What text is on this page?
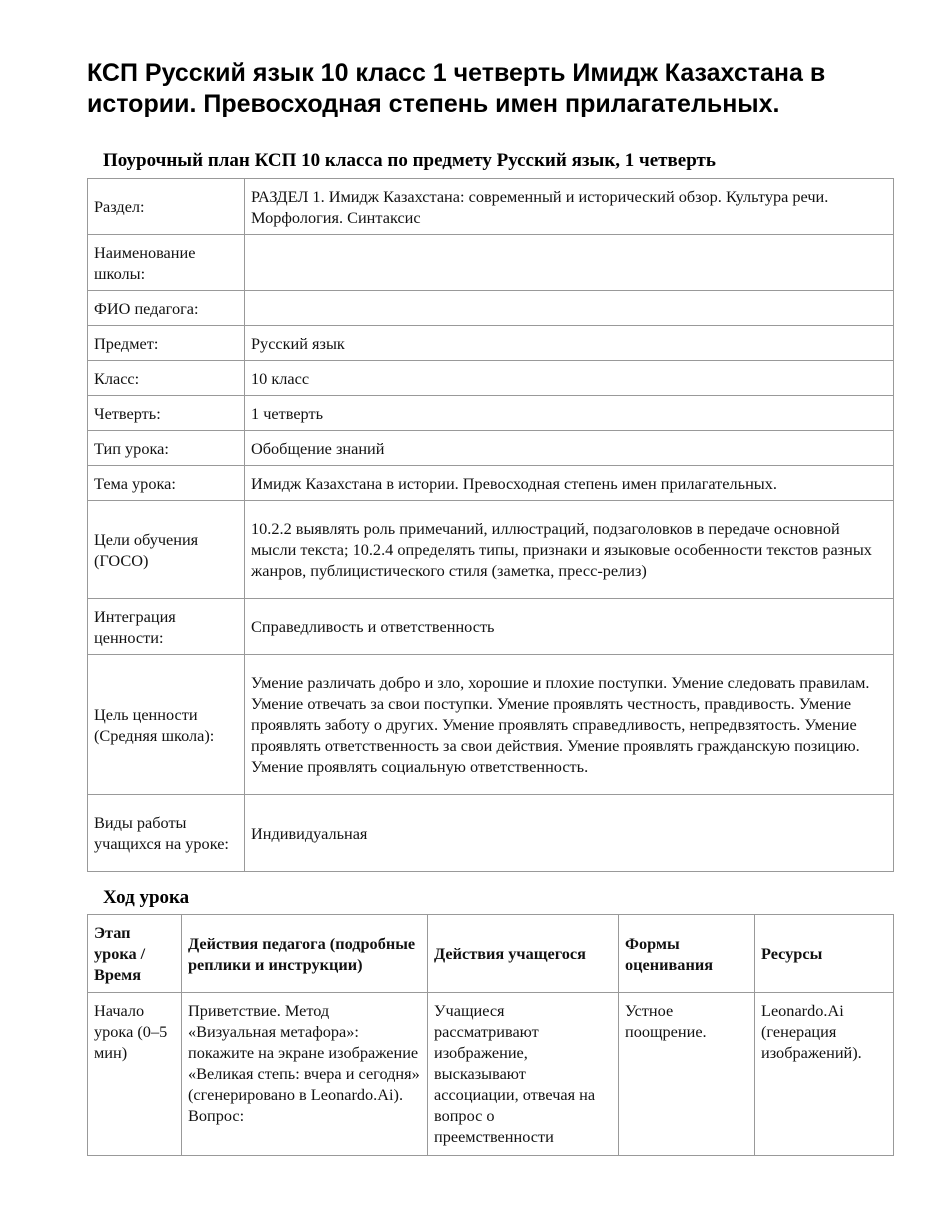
КСП Русский язык 10 класс 1 четверть Имидж Казахстана в истории. Превосходная степень имен прилагательных.
Поурочный план КСП 10 класса по предмету Русский язык, 1 четверть
Раздел:	РАЗДЕЛ 1. Имидж Казахстана: современный и исторический обзор. Культура речи. Морфология. Синтаксис
Наименование школы:	
ФИО педагога:	
Предмет:	Русский язык
Класс:	10 класс
Четверть:	1 четверть
Тип урока:	Обобщение знаний
Тема урока:	Имидж Казахстана в истории. Превосходная степень имен прилагательных.
Цели обучения (ГОСО)	10.2.2 выявлять роль примечаний, иллюстраций, подзаголовков в передаче основной мысли текста; 10.2.4 определять типы, признаки и языковые особенности текстов разных жанров, публицистического стиля (заметка, пресс-релиз)
Интеграция ценности:	Справедливость и ответственность
Цель ценности (Средняя школа):	Умение различать добро и зло, хорошие и плохие поступки. Умение следовать правилам. Умение отвечать за свои поступки. Умение проявлять честность, правдивость. Умение проявлять заботу о других. Умение проявлять справедливость, непредвзятость. Умение проявлять ответственность за свои действия. Умение проявлять гражданскую позицию. Умение проявлять социальную ответственность.
Виды работы учащихся на уроке:	Индивидуальная
Ход урока
Этап урока / Время	Действия педагога (подробные реплики и инструкции)	Действия учащегося	Формы оценивания	Ресурсы
Начало урока (0–5 мин)	Приветствие. Метод «Визуальная метафора»: покажите на экране изображение «Великая степь: вчера и сегодня» (сгенерировано в Leonardo.Ai). Вопрос:	Учащиеся рассматривают изображение, высказывают ассоциации, отвечая на вопрос о преемственности	Устное поощрение.	Leonardo.Ai (генерация изображений).
